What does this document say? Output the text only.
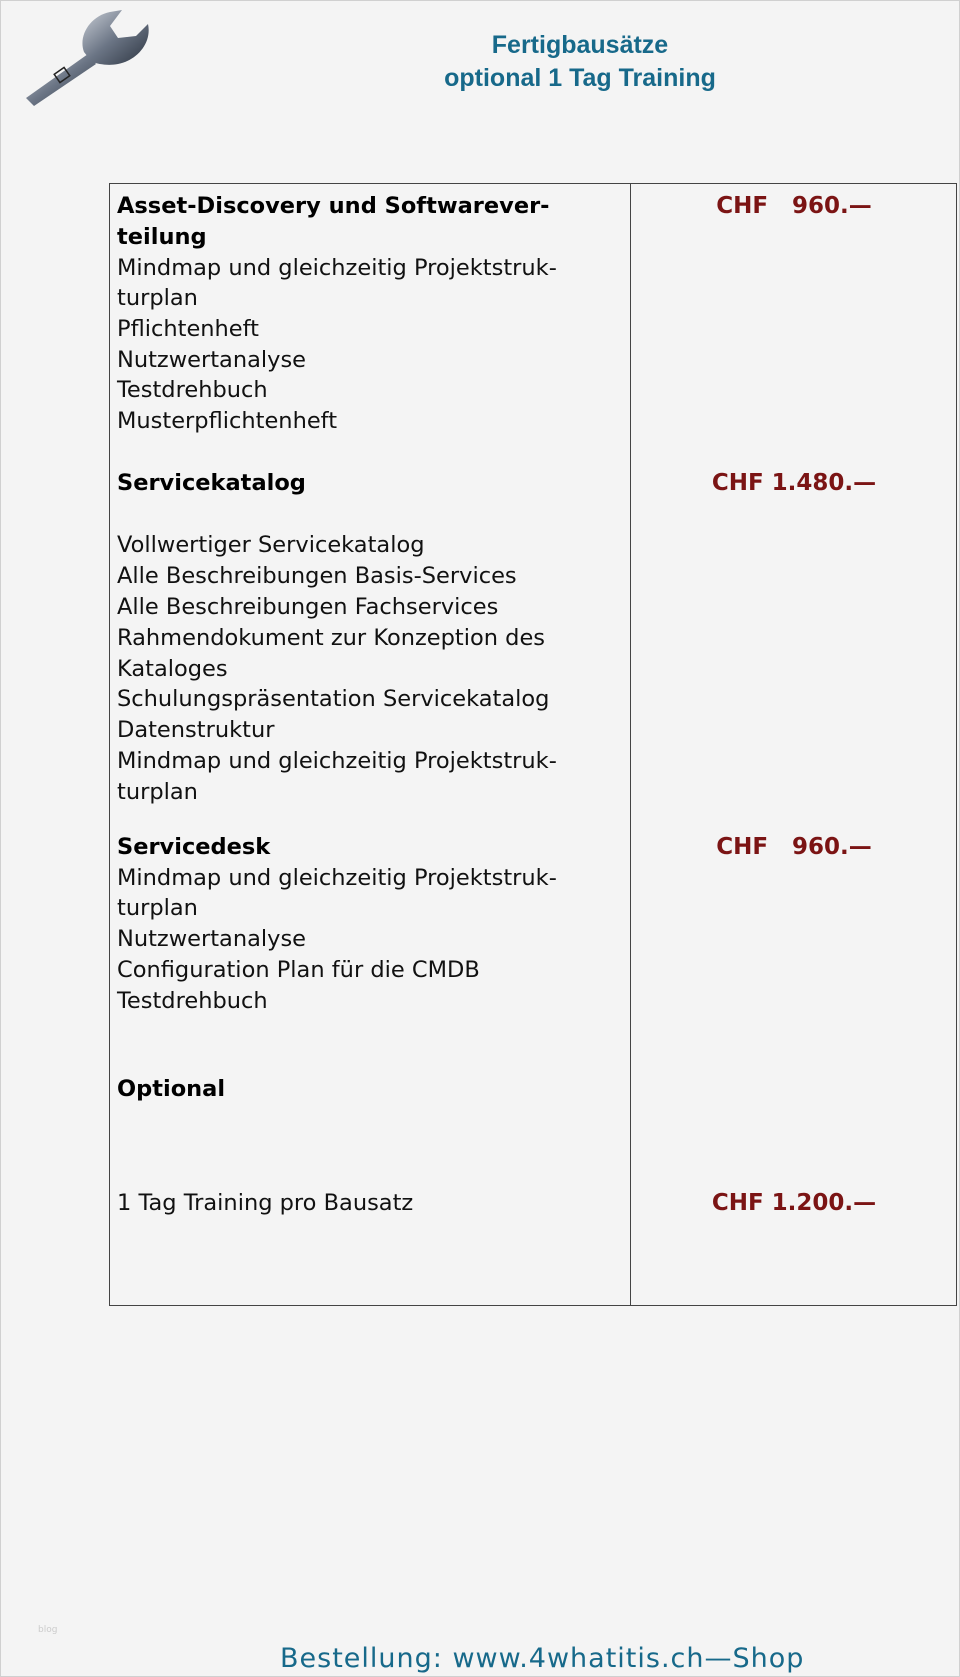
Fertigbausätze
optional 1 Tag Training
Asset-Discovery und Softwarever-
teilung
Mindmap und gleichzeitig Projektstruk-
turplan
Pflichtenheft
Nutzwertanalyse
Testdrehbuch
Musterpflichtenheft
CHF   960.—
Servicekatalog
Vollwertiger Servicekatalog
Alle Beschreibungen Basis-Services
Alle Beschreibungen Fachservices
Rahmendokument zur Konzeption des
Kataloges
Schulungspräsentation Servicekatalog
Datenstruktur
Mindmap und gleichzeitig Projektstruk-
turplan
CHF 1.480.—
Servicedesk
Mindmap und gleichzeitig Projektstruk-
turplan
Nutzwertanalyse
Configuration Plan für die CMDB
Testdrehbuch
CHF   960.—
Optional
1 Tag Training pro Bausatz	CHF 1.200.—
blog
Bestellung: www.4whatitis.ch—Shop
